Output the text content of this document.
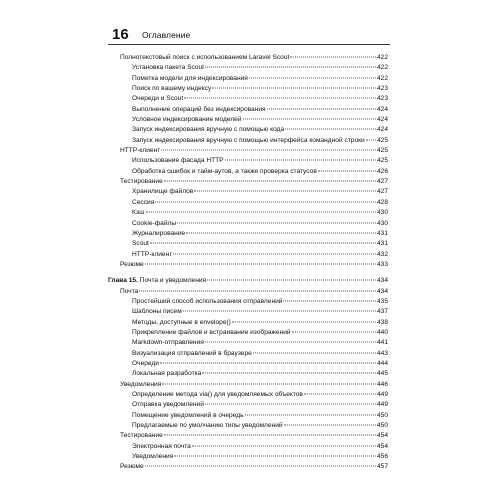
16 Оглавление
Полнотекстовый поиск с использованием Laravel Scout	422
Установка пакета Scout	422
Пометка модели для индексирования	422
Поиск по вашему индексу	423
Очереди и Scout	423
Выполнение операций без индексирования	424
Условное индексирование моделей	424
Запуск индексирования вручную с помощью кода	424
Запуск индексирования вручную с помощью интерфейса командной строки 425
HTTP-клиент	425
Использование фасада HTTP	425
Обработка ошибок и тайм-аутов, а также проверка статусов	426
Тестирование	427
Хранилище файлов	427
Сессия	428
Кэш	430
Cookie-файлы	430
Журналирование	431
Scout	431
HTTP-клиент	432
Резюме	433
Глава 15. Почта и уведомления	434
Почта	434
Простейший способ использования отправлений	435
Шаблоны писем	437
Методы, доступные в envelope()	438
Прикрепление файлов и встраивание изображений	440
Markdown-отправления	441
Визуализация отправлений в браузере	443
Очереди	444
Локальная разработка	445
Уведомления	446
Определение метода via() для уведомляемых объектов	449
Отправка уведомлений	449
Помещение уведомлений в очередь	450
Предлагаемые по умолчанию типы уведомлений	450
Тестирование	454
Электронная почта	454
Уведомления	456
Резюме	457
